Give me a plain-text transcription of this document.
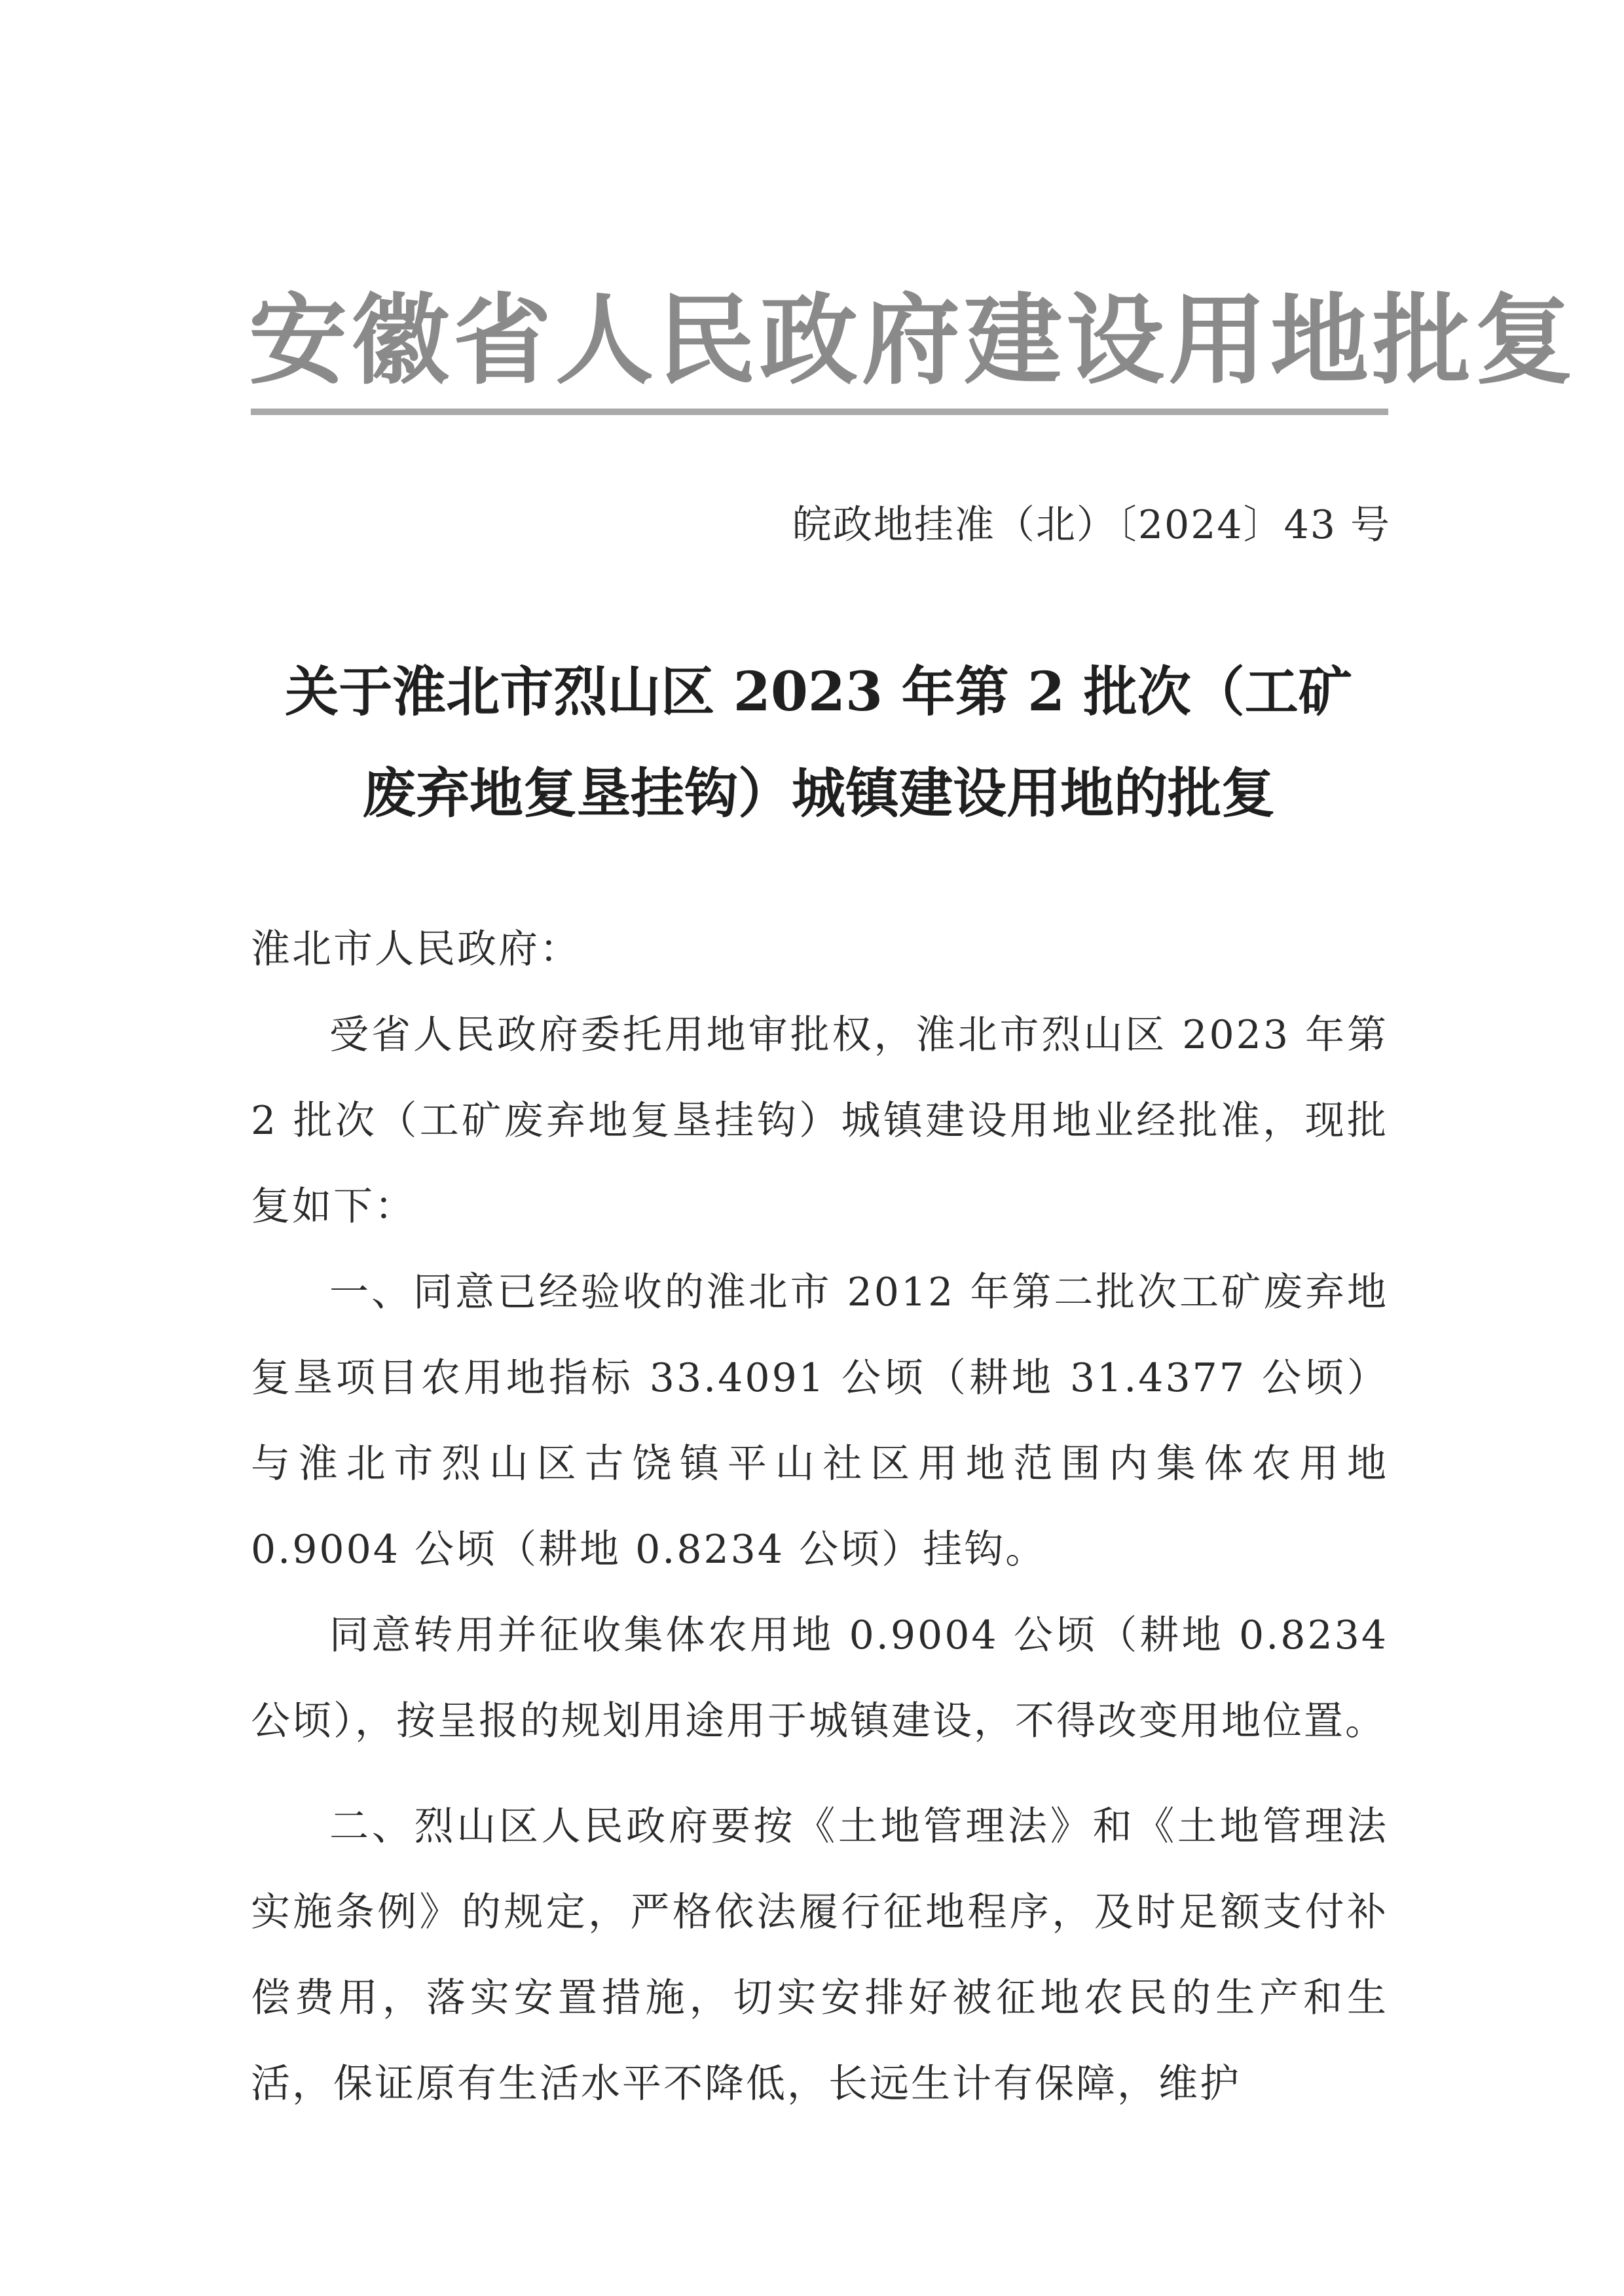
安徽省人民政府建设用地批复
皖政地挂准（北）〔2024〕43 号
关于淮北市烈山区 2023 年第 2 批次（工矿
废弃地复垦挂钩）城镇建设用地的批复

淮北市人民政府：

受省人民政府委托用地审批权，淮北市烈山区 2023 年第 2 批次（工矿废弃地复垦挂钩）城镇建设用地业经批准，现批复如下：

一、同意已经验收的淮北市 2012 年第二批次工矿废弃地复垦项目农用地指标 33.4091 公顷（耕地 31.4377 公顷）与淮北市烈山区古饶镇平山社区用地范围内集体农用地 0.9004 公顷（耕地 0.8234 公顷）挂钩。

同意转用并征收集体农用地 0.9004 公顷（耕地 0.8234 公顷），按呈报的规划用途用于城镇建设，不得改变用地位置。

二、烈山区人民政府要按《土地管理法》和《土地管理法实施条例》的规定，严格依法履行征地程序，及时足额支付补偿费用，落实安置措施，切实安排好被征地农民的生产和生活，保证原有生活水平不降低，长远生计有保障，维护
